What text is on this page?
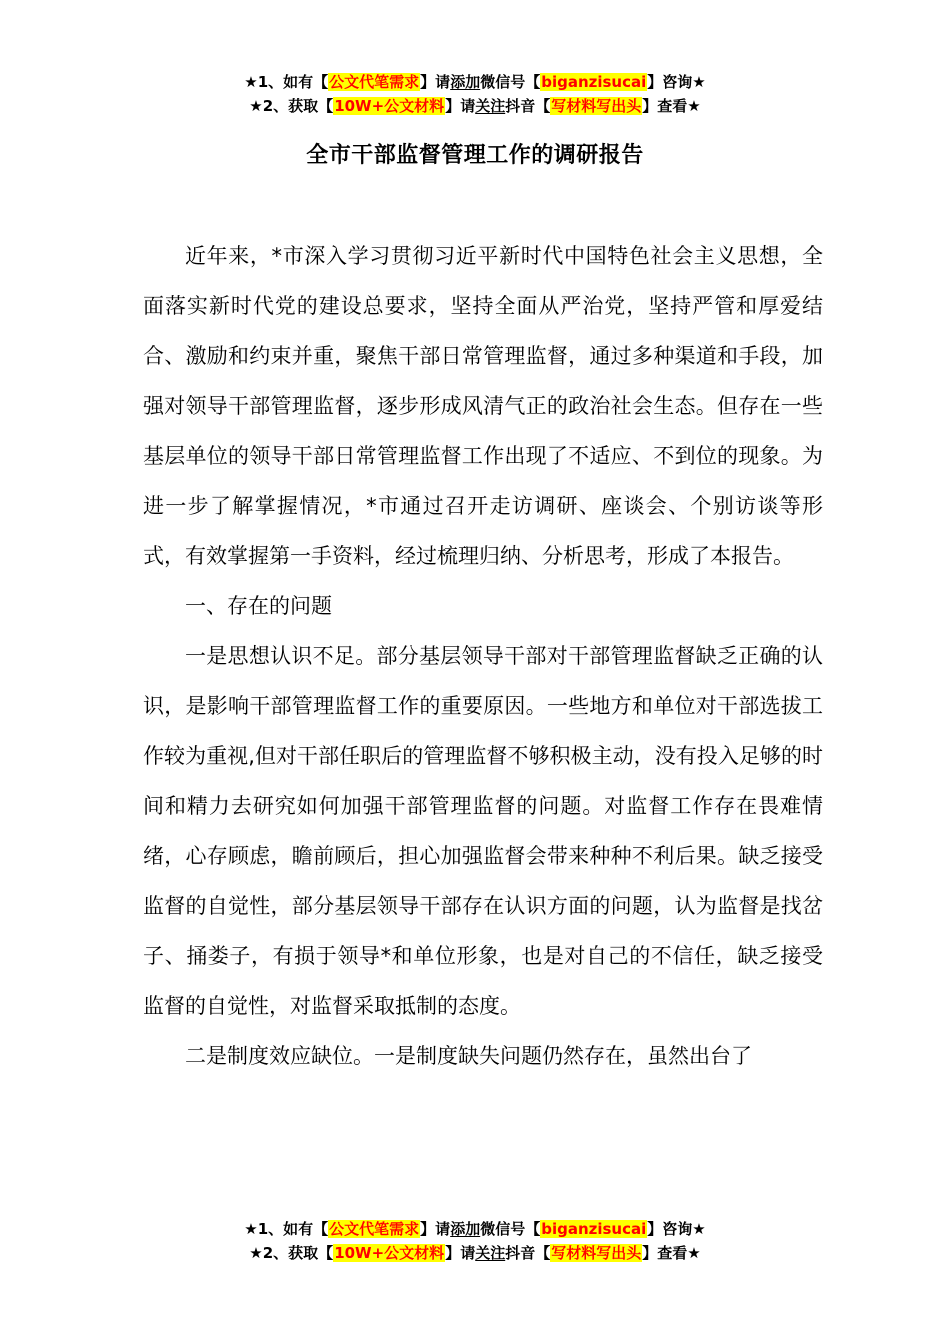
★1、如有【公文代笔需求】请添加微信号【biganzisucai】咨询★
★2、获取【10W+公文材料】请关注抖音【写材料写出头】查看★
全市干部监督管理工作的调研报告

近年来，*市深入学习贯彻习近平新时代中国特色社会主义思想，全面落实新时代党的建设总要求，坚持全面从严治党，坚持严管和厚爱结合、激励和约束并重，聚焦干部日常管理监督，通过多种渠道和手段，加强对领导干部管理监督，逐步形成风清气正的政治社会生态。但存在一些基层单位的领导干部日常管理监督工作出现了不适应、不到位的现象。为进一步了解掌握情况，*市通过召开走访调研、座谈会、个别访谈等形式，有效掌握第一手资料，经过梳理归纳、分析思考，形成了本报告。

一、存在的问题

一是思想认识不足。部分基层领导干部对干部管理监督缺乏正确的认识，是影响干部管理监督工作的重要原因。一些地方和单位对干部选拔工作较为重视,但对干部任职后的管理监督不够积极主动，没有投入足够的时间和精力去研究如何加强干部管理监督的问题。对监督工作存在畏难情绪，心存顾虑，瞻前顾后，担心加强监督会带来种种不利后果。缺乏接受监督的自觉性，部分基层领导干部存在认识方面的问题，认为监督是找岔子、捅娄子，有损于领导*和单位形象，也是对自己的不信任，缺乏接受监督的自觉性，对监督采取抵制的态度。

二是制度效应缺位。一是制度缺失问题仍然存在，虽然出台了

★1、如有【公文代笔需求】请添加微信号【biganzisucai】咨询★
★2、获取【10W+公文材料】请关注抖音【写材料写出头】查看★
